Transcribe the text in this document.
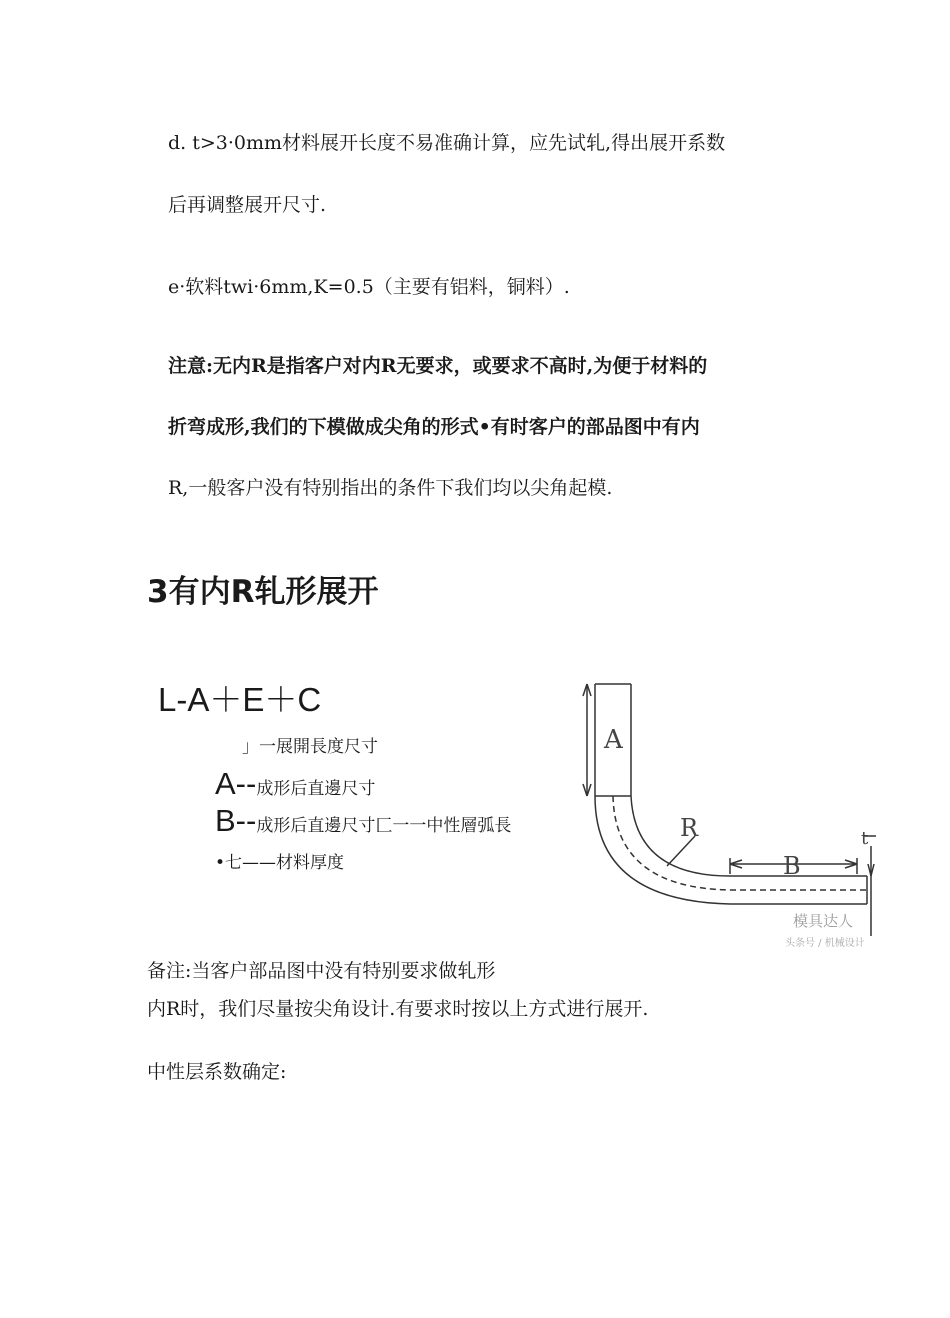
d. t>3·0mm材料展开长度不易准确计算，应先试轧,得出展开系数
后再调整展开尺寸.
e·软料twi·6mm,K=0.5（主要有铝料，铜料）.
注意:无内R是指客户对内R无要求，或要求不高时,为便于材料的
折弯成形,我们的下模做成尖角的形式•有时客户的部品图中有内
R,一般客户没有特别指出的条件下我们均以尖角起模.
3有内R轧形展开
L-A＋E＋C
」一展開長度尺寸
A--成形后直邊尺寸
B--成形后直邊尺寸匚一一中性層弧長
•七——材料厚度
A
R
B
t
模具达人
头条号 / 机械设计
备注:当客户部品图中没有特别要求做轧形
内R时，我们尽量按尖角设计.有要求时按以上方式进行展开.
中性层系数确定:
